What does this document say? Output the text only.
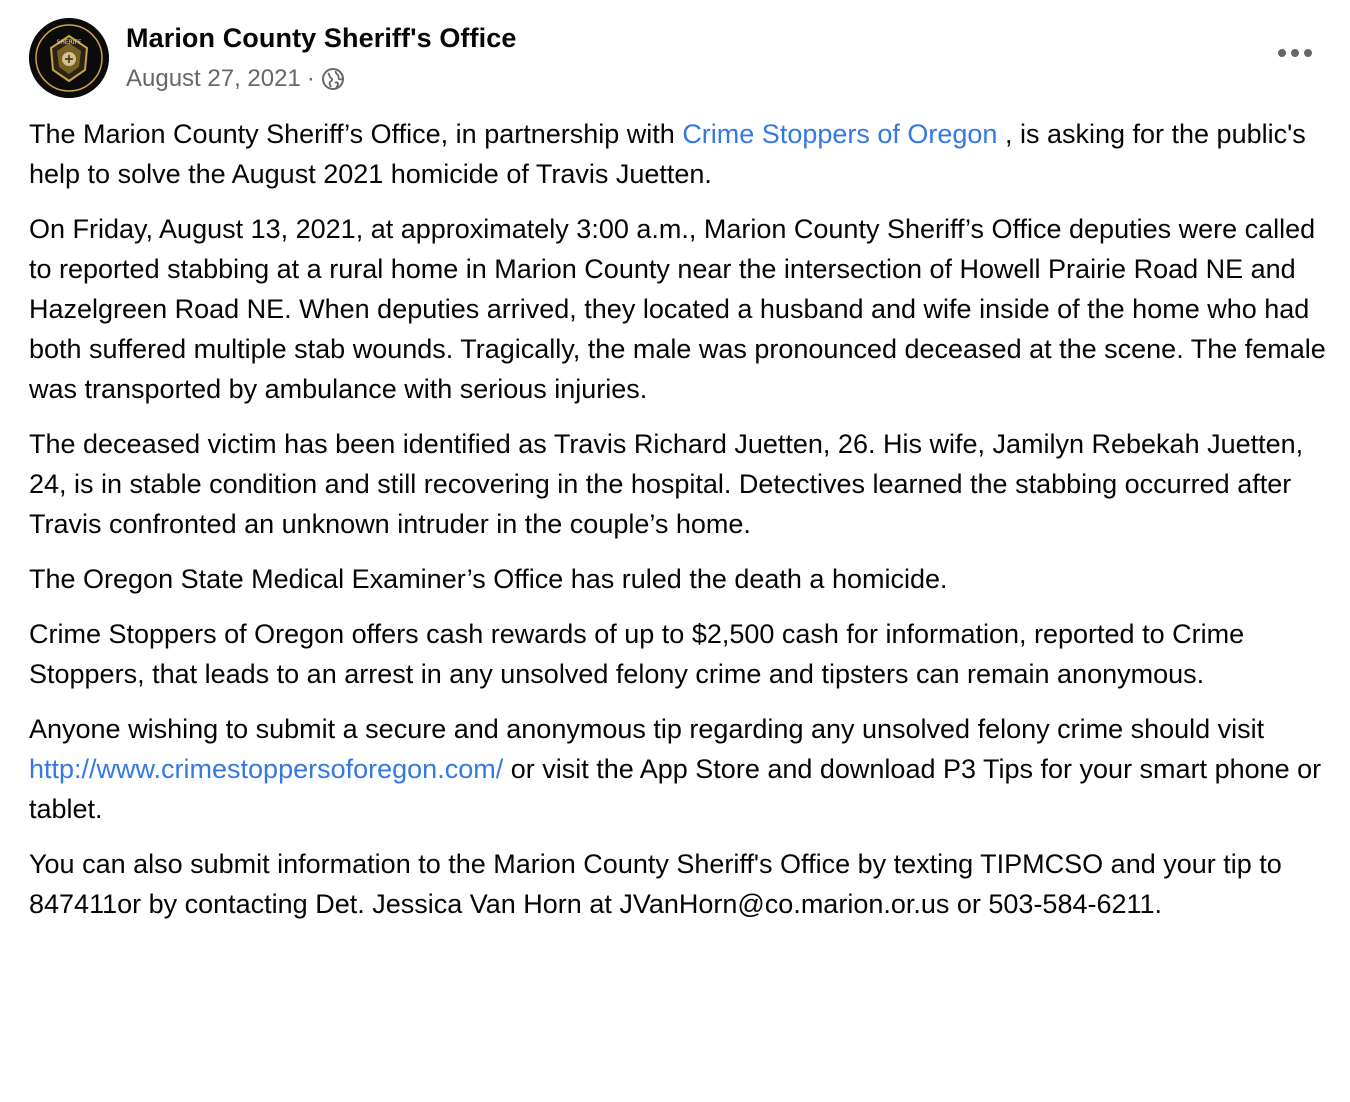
SHERIFF Marion County Sheriff's Office
August 27, 2021 ·

The Marion County Sheriff’s Office, in partnership with Crime Stoppers of Oregon , is asking for the public's help to solve the August 2021 homicide of Travis Juetten.

On Friday, August 13, 2021, at approximately 3:00 a.m., Marion County Sheriff’s Office deputies were called to reported stabbing at a rural home in Marion County near the intersection of Howell Prairie Road NE and Hazelgreen Road NE. When deputies arrived, they located a husband and wife inside of the home who had both suffered multiple stab wounds. Tragically, the male was pronounced deceased at the scene. The female was transported by ambulance with serious injuries.

The deceased victim has been identified as Travis Richard Juetten, 26. His wife, Jamilyn Rebekah Juetten, 24, is in stable condition and still recovering in the hospital. Detectives learned the stabbing occurred after Travis confronted an unknown intruder in the couple’s home.

The Oregon State Medical Examiner’s Office has ruled the death a homicide.

Crime Stoppers of Oregon offers cash rewards of up to $2,500 cash for information, reported to Crime Stoppers, that leads to an arrest in any unsolved felony crime and tipsters can remain anonymous.

Anyone wishing to submit a secure and anonymous tip regarding any unsolved felony crime should visit http://www.crimestoppersoforegon.com/ or visit the App Store and download P3 Tips for your smart phone or tablet.

You can also submit information to the Marion County Sheriff's Office by texting TIPMCSO and your tip to 847411or by contacting Det. Jessica Van Horn at JVanHorn@co.marion.or.us or 503-584-6211.
